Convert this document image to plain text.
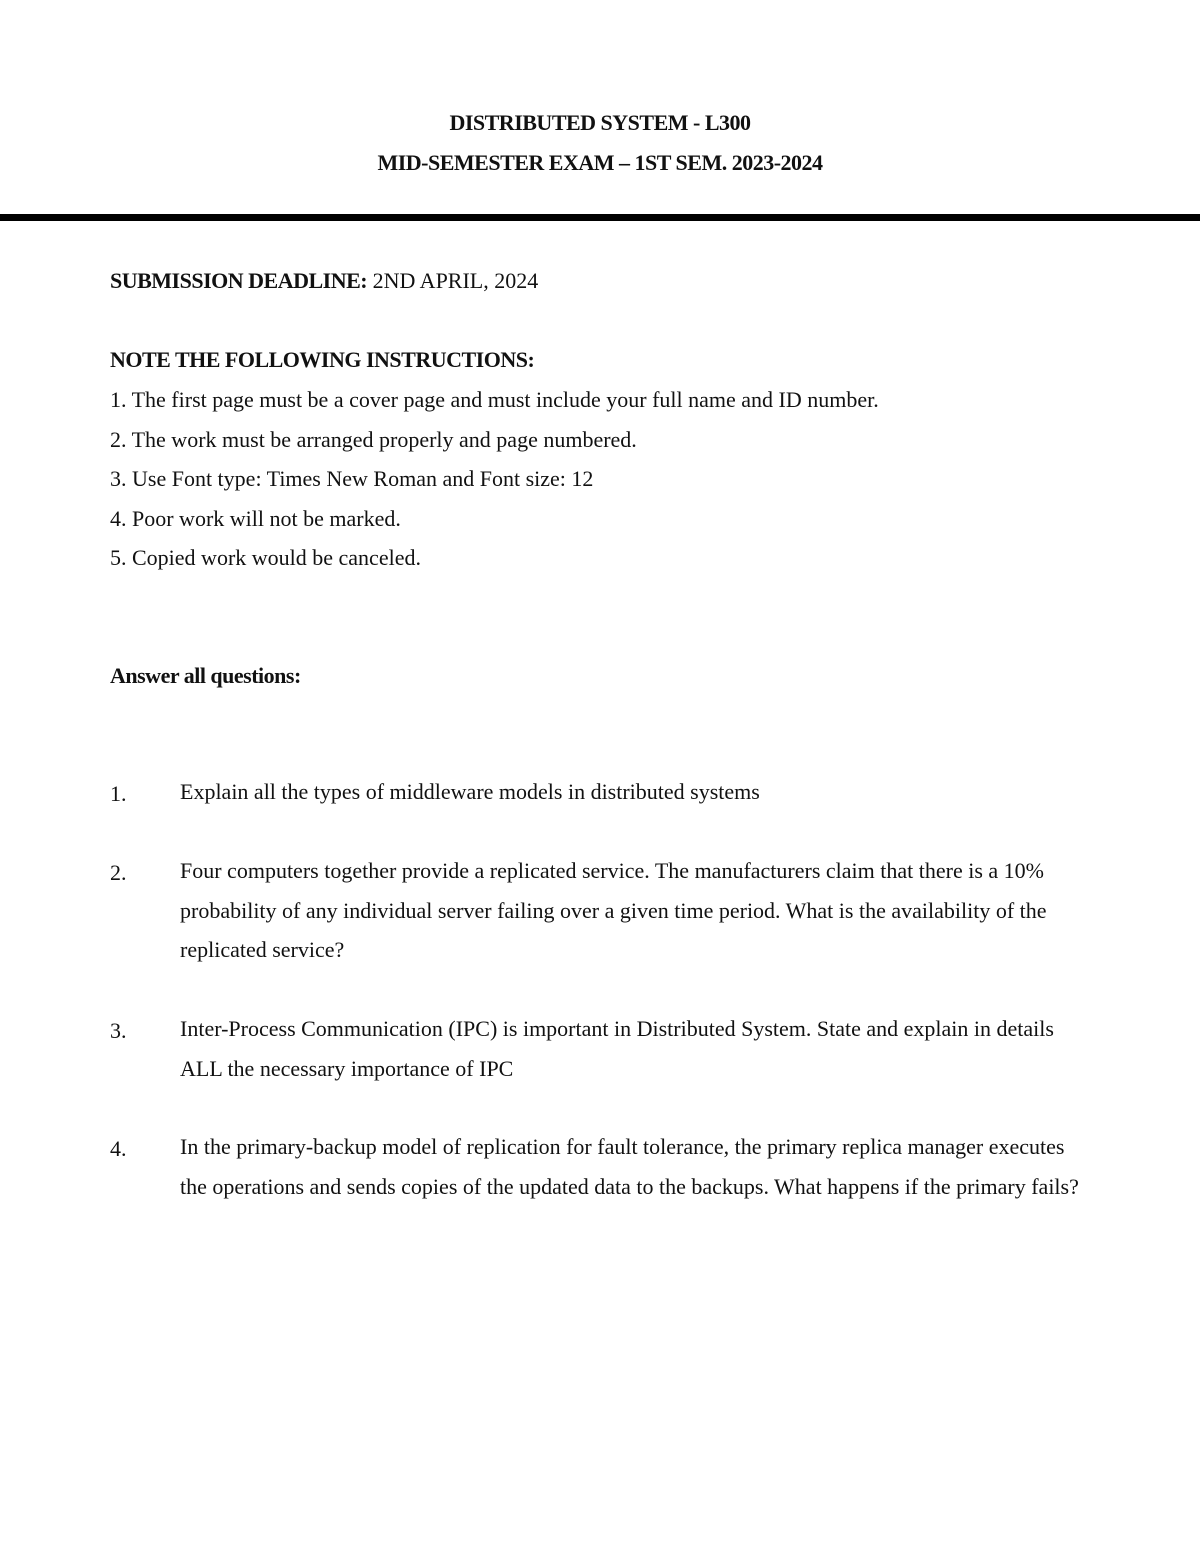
DISTRIBUTED SYSTEM - L300
MID-SEMESTER EXAM – 1ST SEM. 2023-2024
SUBMISSION DEADLINE: 2ND APRIL, 2024
NOTE THE FOLLOWING INSTRUCTIONS:
1. The first page must be a cover page and must include your full name and ID number.
2. The work must be arranged properly and page numbered.
3. Use Font type: Times New Roman and Font size: 12
4. Poor work will not be marked.
5. Copied work would be canceled.
Answer all questions:
1. Explain all the types of middleware models in distributed systems
2. Four computers together provide a replicated service. The manufacturers claim that there is a 10% probability of any individual server failing over a given time period. What is the availability of the replicated service?
3. Inter-Process Communication (IPC) is important in Distributed System. State and explain in details ALL the necessary importance of IPC
4. In the primary-backup model of replication for fault tolerance, the primary replica manager executes the operations and sends copies of the updated data to the backups. What happens if the primary fails?
